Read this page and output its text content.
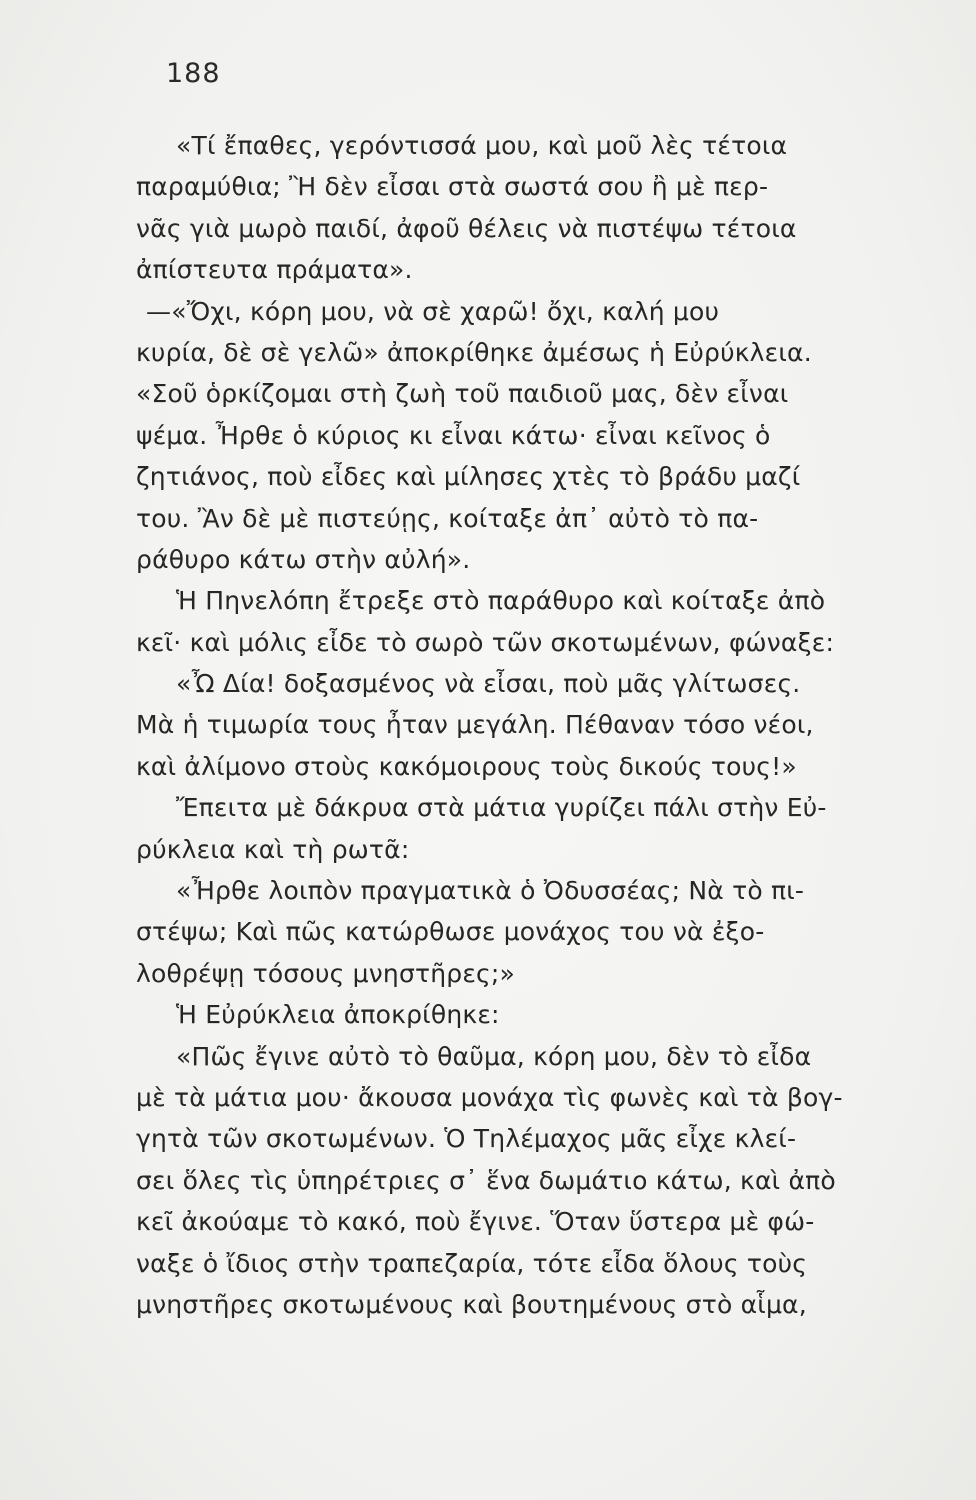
188
«Τί ἔπαθες, γερόντισσά μου, καὶ μοῦ λὲς τέτοια
παραμύθια; Ἢ δὲν εἶσαι στὰ σωστά σου ἢ μὲ περ-
νᾶς γιὰ μωρὸ παιδί, ἀφοῦ θέλεις νὰ πιστέψω τέτοια
ἀπίστευτα πράματα».
—«Ὄχι, κόρη μου, νὰ σὲ χαρῶ! ὄχι, καλή μου
κυρία, δὲ σὲ γελῶ» ἀποκρίθηκε ἀμέσως ἡ Εὐρύκλεια.
«Σοῦ ὁρκίζομαι στὴ ζωὴ τοῦ παιδιοῦ μας, δὲν εἶναι
ψέμα. Ἦρθε ὁ κύριος κι εἶναι κάτω· εἶναι κεῖνος ὁ
ζητιάνος, ποὺ εἶδες καὶ μίλησες χτὲς τὸ βράδυ μαζί
του. Ἂν δὲ μὲ πιστεύῃς, κοίταξε ἀπ᾿ αὐτὸ τὸ πα-
ράθυρο κάτω στὴν αὐλή».
Ἡ Πηνελόπη ἔτρεξε στὸ παράθυρο καὶ κοίταξε ἀπὸ
κεῖ· καὶ μόλις εἶδε τὸ σωρὸ τῶν σκοτωμένων, φώναξε:
«Ὦ Δία! δοξασμένος νὰ εἶσαι, ποὺ μᾶς γλίτωσες.
Μὰ ἡ τιμωρία τους ἦταν μεγάλη. Πέθαναν τόσο νέοι,
καὶ ἀλίμονο στοὺς κακόμοιρους τοὺς δικούς τους!»
Ἔπειτα μὲ δάκρυα στὰ μάτια γυρίζει πάλι στὴν Εὐ-
ρύκλεια καὶ τὴ ρωτᾶ:
«Ἦρθε λοιπὸν πραγματικὰ ὁ Ὀδυσσέας; Νὰ τὸ πι-
στέψω; Καὶ πῶς κατώρθωσε μονάχος του νὰ ἐξο-
λοθρέψῃ τόσους μνηστῆρες;»
Ἡ Εὐρύκλεια ἀποκρίθηκε:
«Πῶς ἔγινε αὐτὸ τὸ θαῦμα, κόρη μου, δὲν τὸ εἶδα
μὲ τὰ μάτια μου· ἄκουσα μονάχα τὶς φωνὲς καὶ τὰ βογ-
γητὰ τῶν σκοτωμένων. Ὁ Τηλέμαχος μᾶς εἶχε κλεί-
σει ὅλες τὶς ὑπηρέτριες σ᾿ ἕνα δωμάτιο κάτω, καὶ ἀπὸ
κεῖ ἀκούαμε τὸ κακό, ποὺ ἔγινε. Ὅταν ὕστερα μὲ φώ-
ναξε ὁ ἴδιος στὴν τραπεζαρία, τότε εἶδα ὅλους τοὺς
μνηστῆρες σκοτωμένους καὶ βουτημένους στὸ αἷμα,
